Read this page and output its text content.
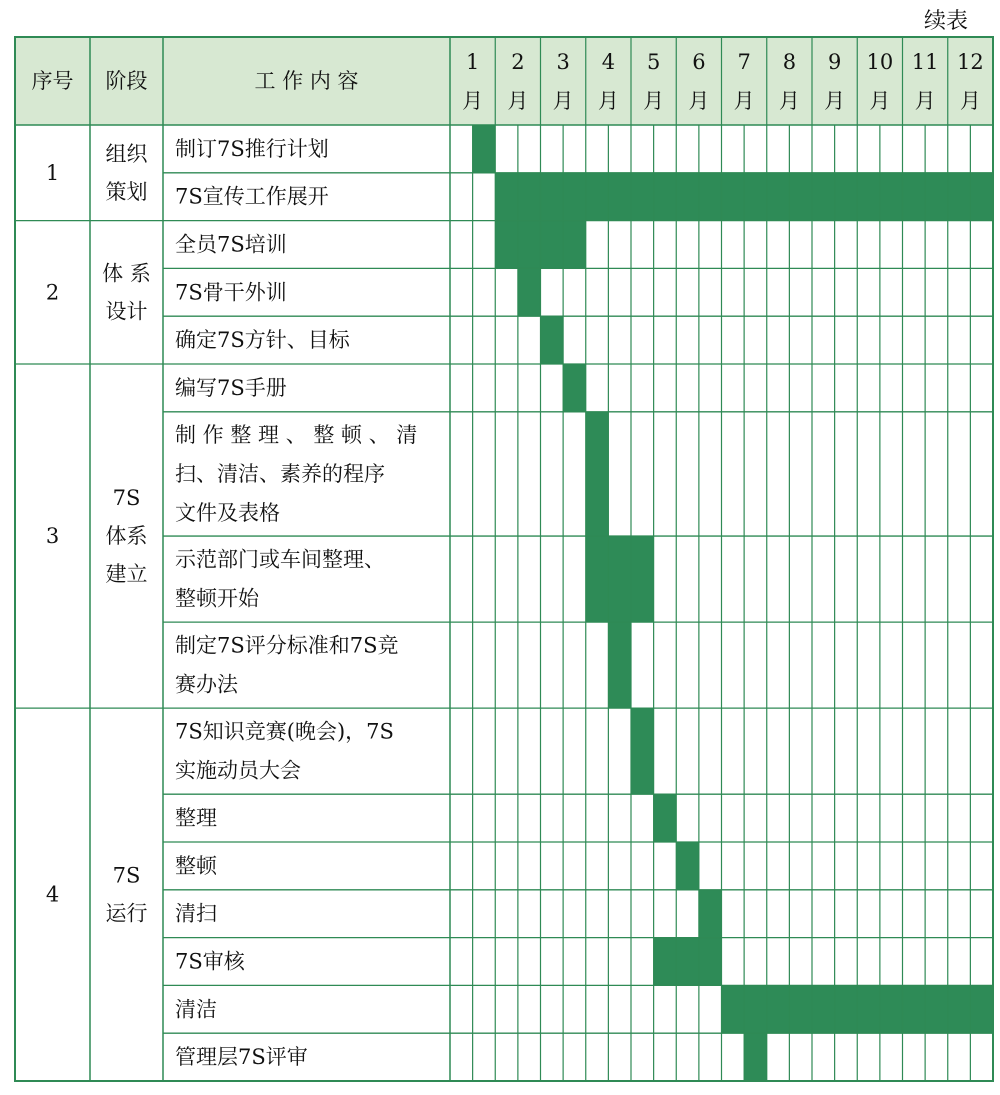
续表
序号 阶段	工 作 内 容
1
月
2
月
3
月
4
月
5
月
6
月
7
月
8
月
9
月
10
月
11
月
12
月
1
组织
策划
2
体 系
设计
3
7S
体系
建立
4
7S
运行
制订7S推行计划
7S宣传工作展开
全员7S培训
7S骨干外训
确定7S方针、目标
编写7S手册
制 作 整 理 、 整 顿 、 清
扫、清洁、素养的程序
文件及表格
示范部门或车间整理、
整顿开始
制定7S评分标准和7S竞
赛办法
7S知识竞赛(晚会)，7S
实施动员大会
整理
整顿
清扫
7S审核
清洁
管理层7S评审
